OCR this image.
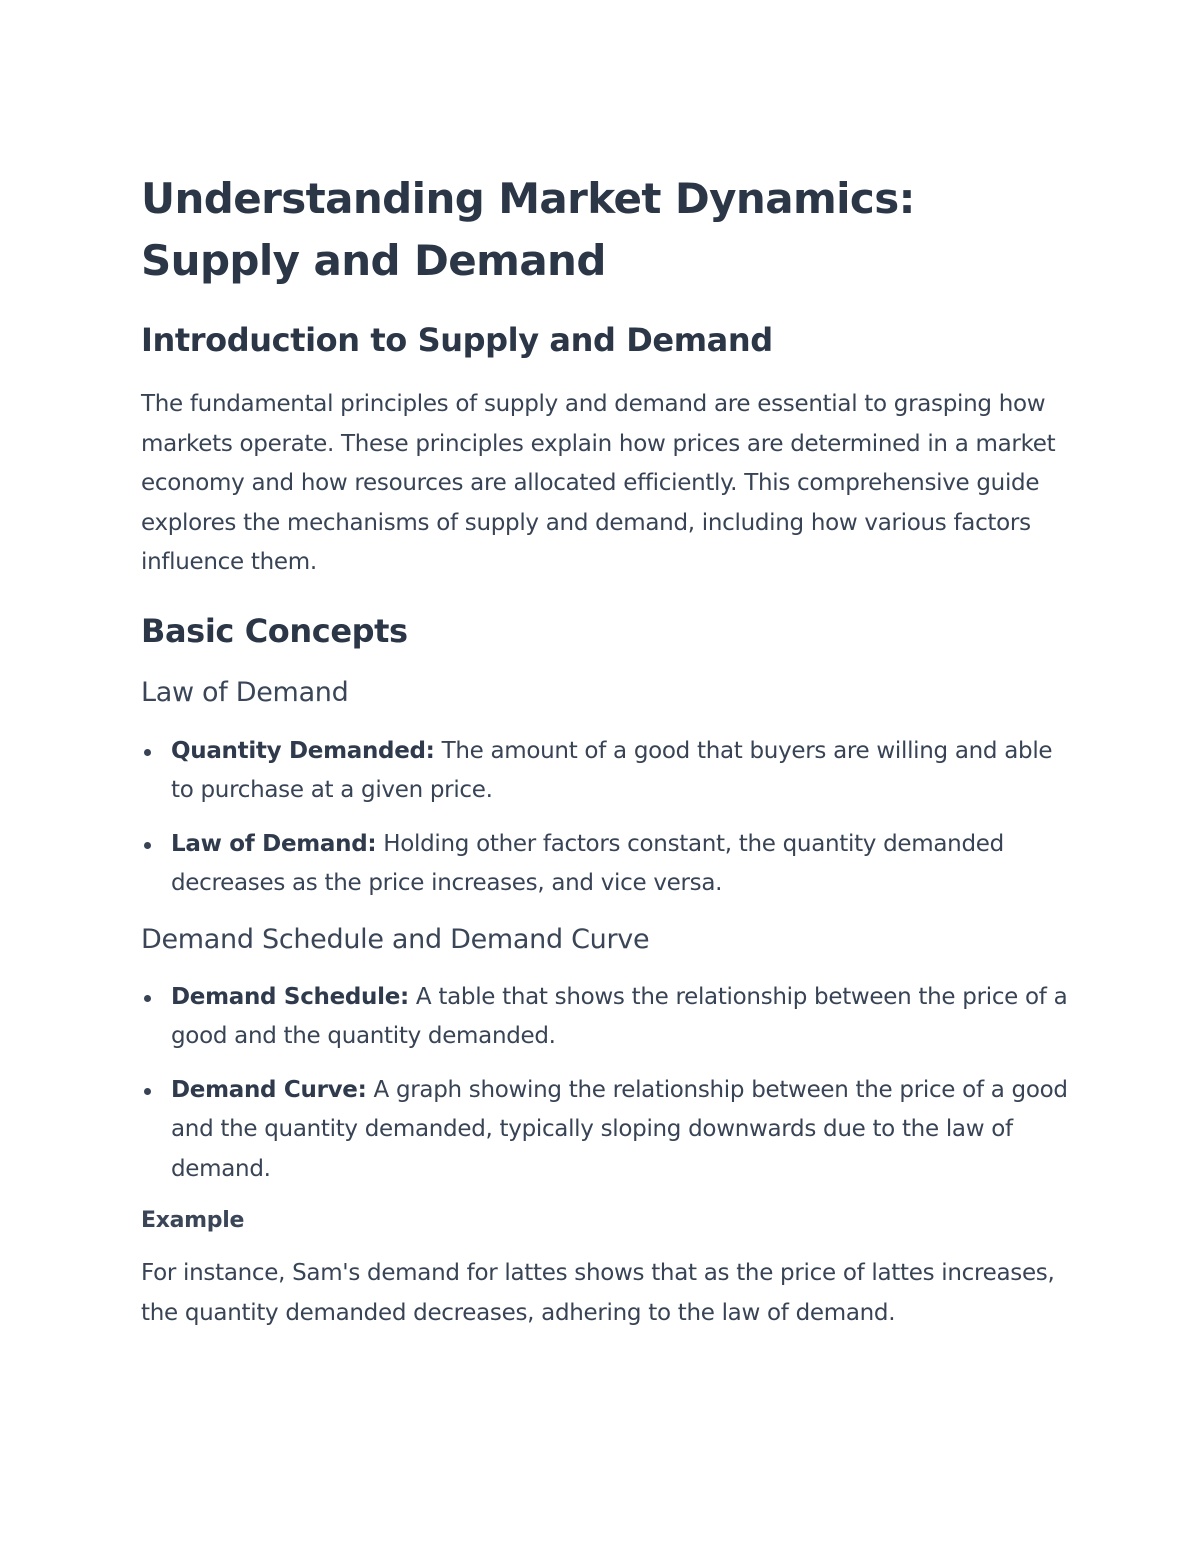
Understanding Market Dynamics: Supply and Demand
Introduction to Supply and Demand

The fundamental principles of supply and demand are essential to grasping how markets operate. These principles explain how prices are determined in a market economy and how resources are allocated efficiently. This comprehensive guide explores the mechanisms of supply and demand, including how various factors influence them.

Basic Concepts
Law of Demand
Quantity Demanded: The amount of a good that buyers are willing and able to purchase at a given price.
Law of Demand: Holding other factors constant, the quantity demanded decreases as the price increases, and vice versa.
Demand Schedule and Demand Curve
Demand Schedule: A table that shows the relationship between the price of a good and the quantity demanded.
Demand Curve: A graph showing the relationship between the price of a good and the quantity demanded, typically sloping downwards due to the law of demand.
Example

For instance, Sam's demand for lattes shows that as the price of lattes increases, the quantity demanded decreases, adhering to the law of demand.
